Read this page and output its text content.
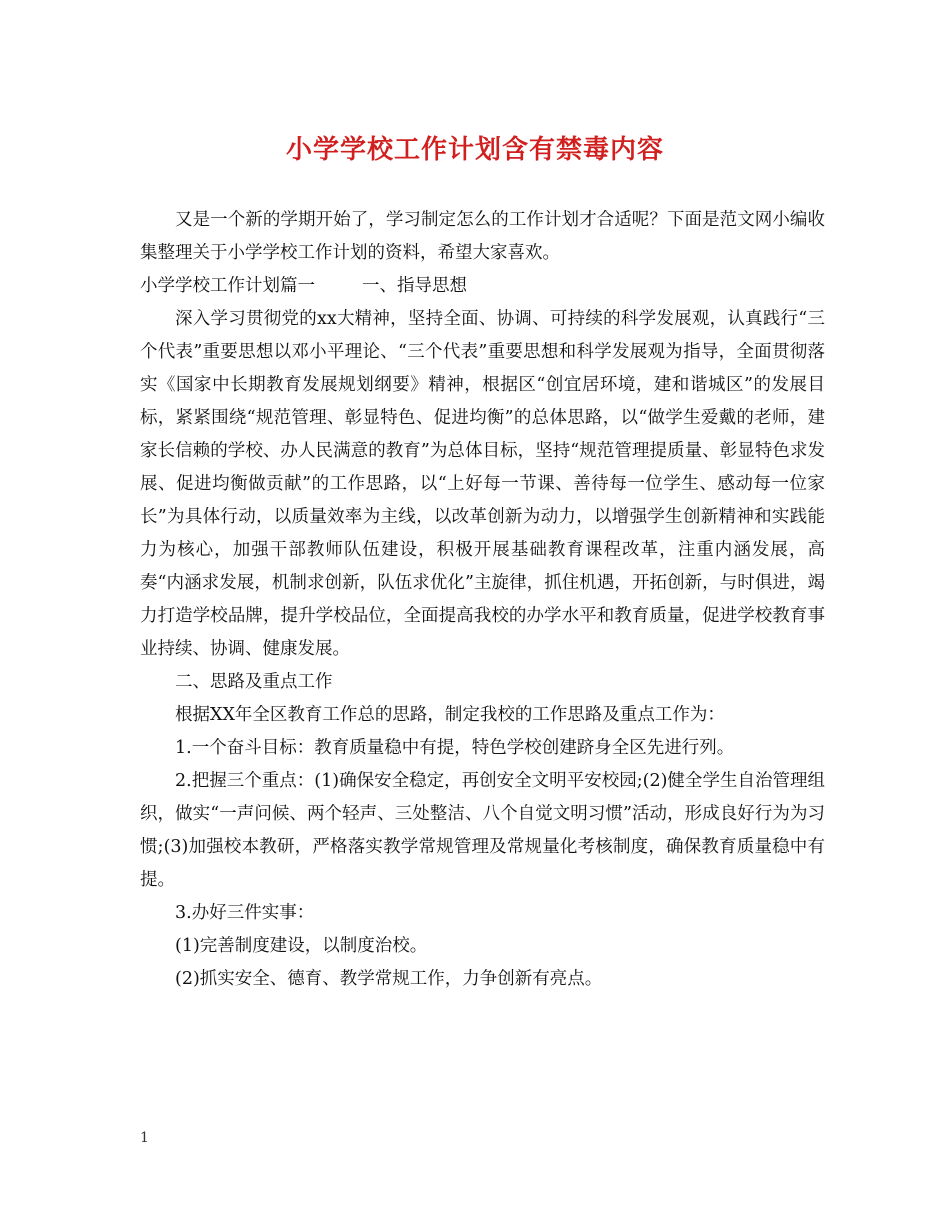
小学学校工作计划含有禁毒内容

又是一个新的学期开始了，学习制定怎么的工作计划才合适呢？下面是范文网小编收集整理关于小学学校工作计划的资料，希望大家喜欢。

小学学校工作计划篇一	一、指导思想

深入学习贯彻党的xx大精神，坚持全面、协调、可持续的科学发展观，认真践行“三个代表”重要思想以邓小平理论、“三个代表”重要思想和科学发展观为指导，全面贯彻落实《国家中长期教育发展规划纲要》精神，根据区“创宜居环境，建和谐城区”的发展目标，紧紧围绕“规范管理、彰显特色、促进均衡”的总体思路，以“做学生爱戴的老师，建家长信赖的学校、办人民满意的教育”为总体目标，坚持“规范管理提质量、彰显特色求发展、促进均衡做贡献”的工作思路，以“上好每一节课、善待每一位学生、感动每一位家长”为具体行动，以质量效率为主线，以改革创新为动力，以增强学生创新精神和实践能力为核心，加强干部教师队伍建设，积极开展基础教育课程改革，注重内涵发展，高奏“内涵求发展，机制求创新，队伍求优化”主旋律，抓住机遇，开拓创新，与时俱进，竭力打造学校品牌，提升学校品位，全面提高我校的办学水平和教育质量，促进学校教育事业持续、协调、健康发展。

二、思路及重点工作

根据XX年全区教育工作总的思路，制定我校的工作思路及重点工作为：

1.一个奋斗目标：教育质量稳中有提，特色学校创建跻身全区先进行列。

2.把握三个重点：(1)确保安全稳定，再创安全文明平安校园;(2)健全学生自治管理组织，做实“一声问候、两个轻声、三处整洁、八个自觉文明习惯”活动，形成良好行为为习惯;(3)加强校本教研，严格落实教学常规管理及常规量化考核制度，确保教育质量稳中有提。

3.办好三件实事：

(1)完善制度建设，以制度治校。

(2)抓实安全、德育、教学常规工作，力争创新有亮点。

1
